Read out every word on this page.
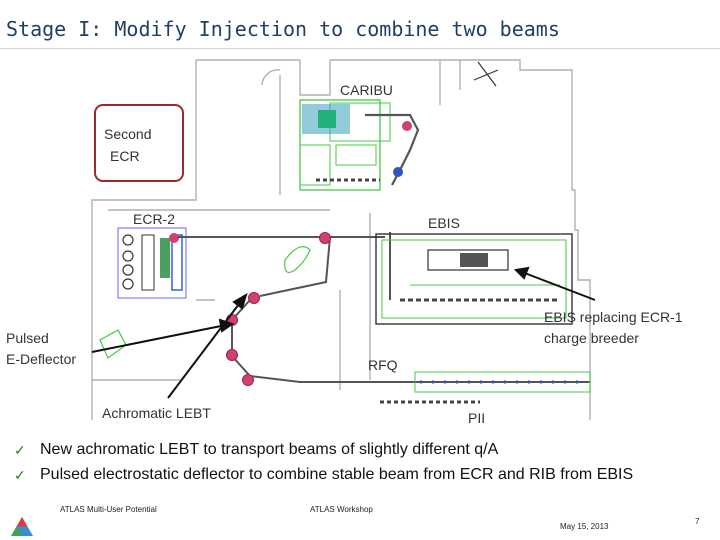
Stage I: Modify Injection to combine two beams
Second
ECR
CARIBU
ECR-2	EBIS
EBIS replacing ECR-1
charge breeder
Pulsed
E-Deflector	RFQ
Achromatic LEBT	PII
✓ New achromatic LEBT to transport beams of slightly different q/A
✓ Pulsed electrostatic deflector to combine stable beam from ECR and RIB from EBIS
ATLAS Multi-User Potential	ATLAS Workshop
May 15, 2013
7
